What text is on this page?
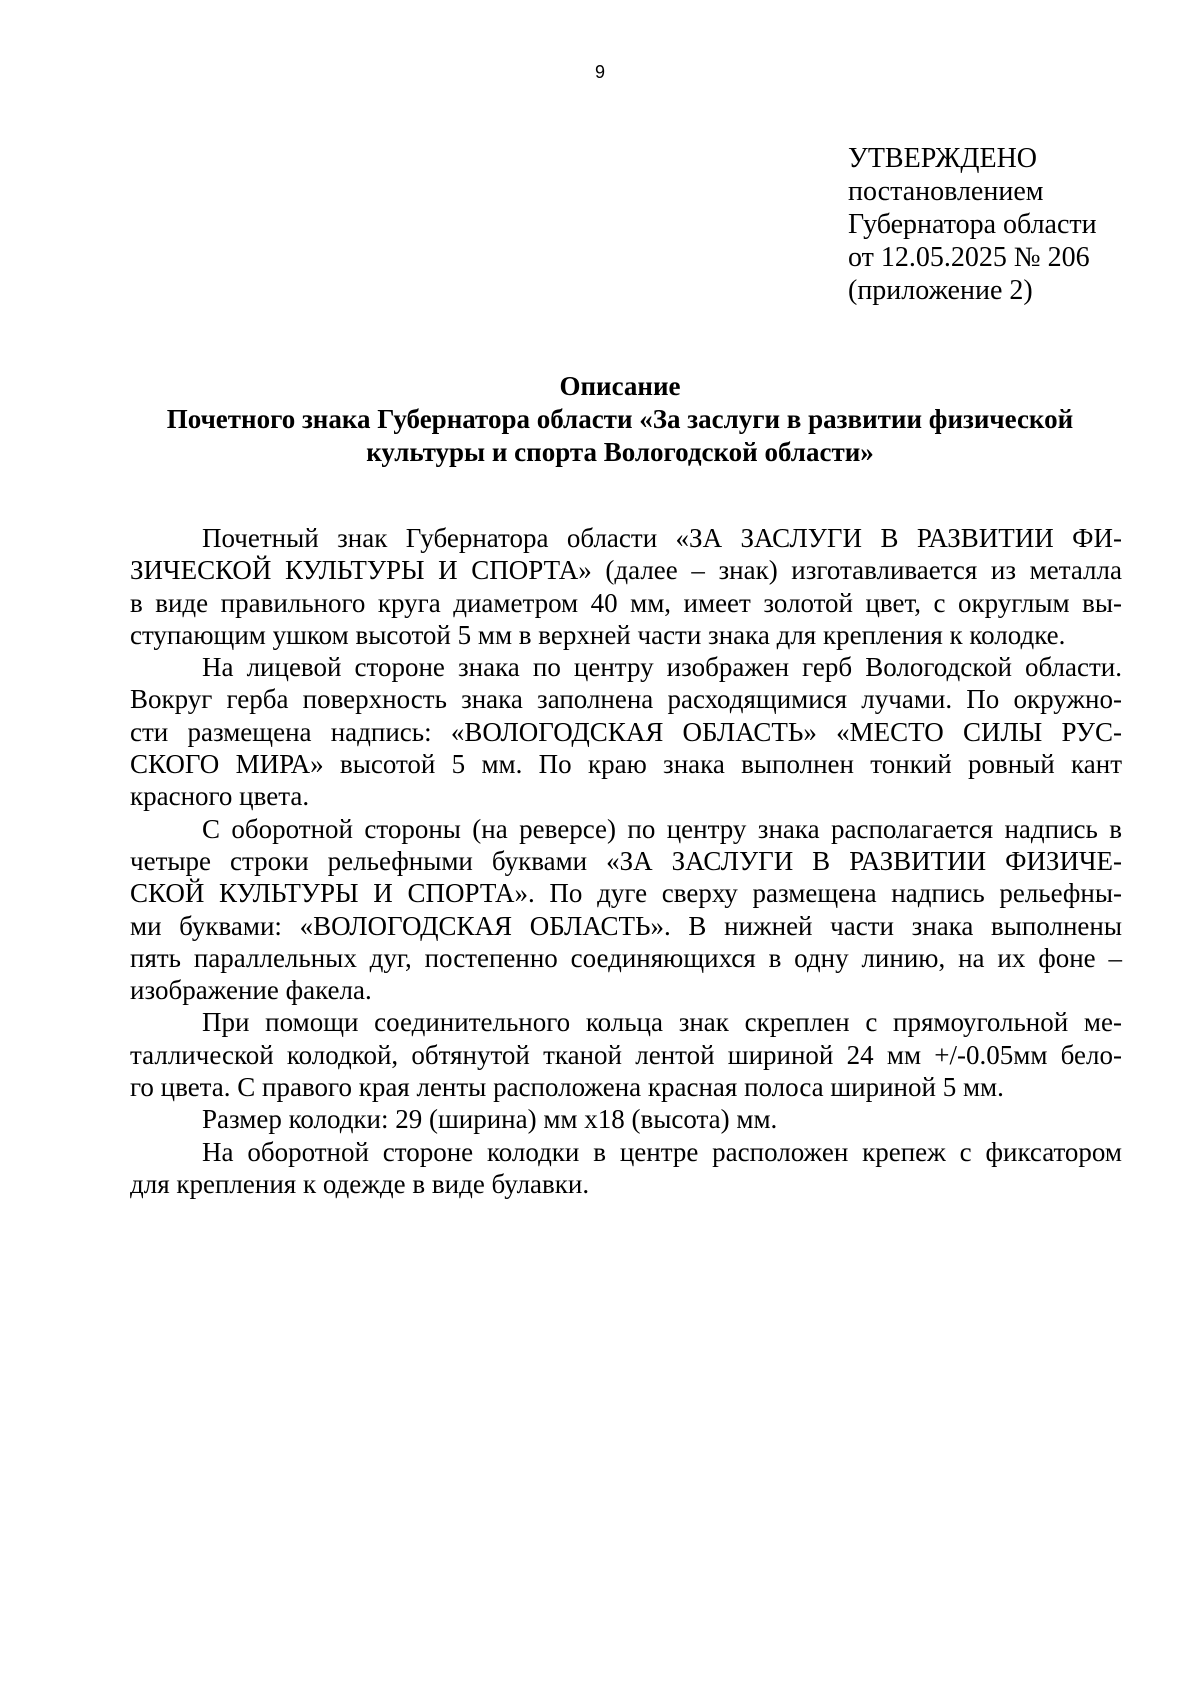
9
УТВЕРЖДЕНО
постановлением
Губернатора области
от 12.05.2025 № 206
(приложение 2)
Описание
Почетного знака Губернатора области «За заслуги в развитии физической
культуры и спорта Вологодской области»
Почетный знак Губернатора области «ЗА ЗАСЛУГИ В РАЗВИТИИ ФИ-
ЗИЧЕСКОЙ КУЛЬТУРЫ И СПОРТА» (далее – знак) изготавливается из металла
в виде правильного круга диаметром 40 мм, имеет золотой цвет, с округлым вы-
ступающим ушком высотой 5 мм в верхней части знака для крепления к колодке.
На лицевой стороне знака по центру изображен герб Вологодской области.
Вокруг герба поверхность знака заполнена расходящимися лучами. По окружно-
сти размещена надпись: «ВОЛОГОДСКАЯ ОБЛАСТЬ» «МЕСТО СИЛЫ РУС-
СКОГО МИРА» высотой 5 мм. По краю знака выполнен тонкий ровный кант
красного цвета.
С оборотной стороны (на реверсе) по центру знака располагается надпись в
четыре строки рельефными буквами «ЗА ЗАСЛУГИ В РАЗВИТИИ ФИЗИЧЕ-
СКОЙ КУЛЬТУРЫ И СПОРТА». По дуге сверху размещена надпись рельефны-
ми буквами: «ВОЛОГОДСКАЯ ОБЛАСТЬ». В нижней части знака выполнены
пять параллельных дуг, постепенно соединяющихся в одну линию, на их фоне –
изображение факела.
При помощи соединительного кольца знак скреплен с прямоугольной ме-
таллической колодкой, обтянутой тканой лентой шириной 24 мм +/-0.05мм бело-
го цвета. С правого края ленты расположена красная полоса шириной 5 мм.
Размер колодки: 29 (ширина) мм х18 (высота) мм.
На оборотной стороне колодки в центре расположен крепеж с фиксатором
для крепления к одежде в виде булавки.
